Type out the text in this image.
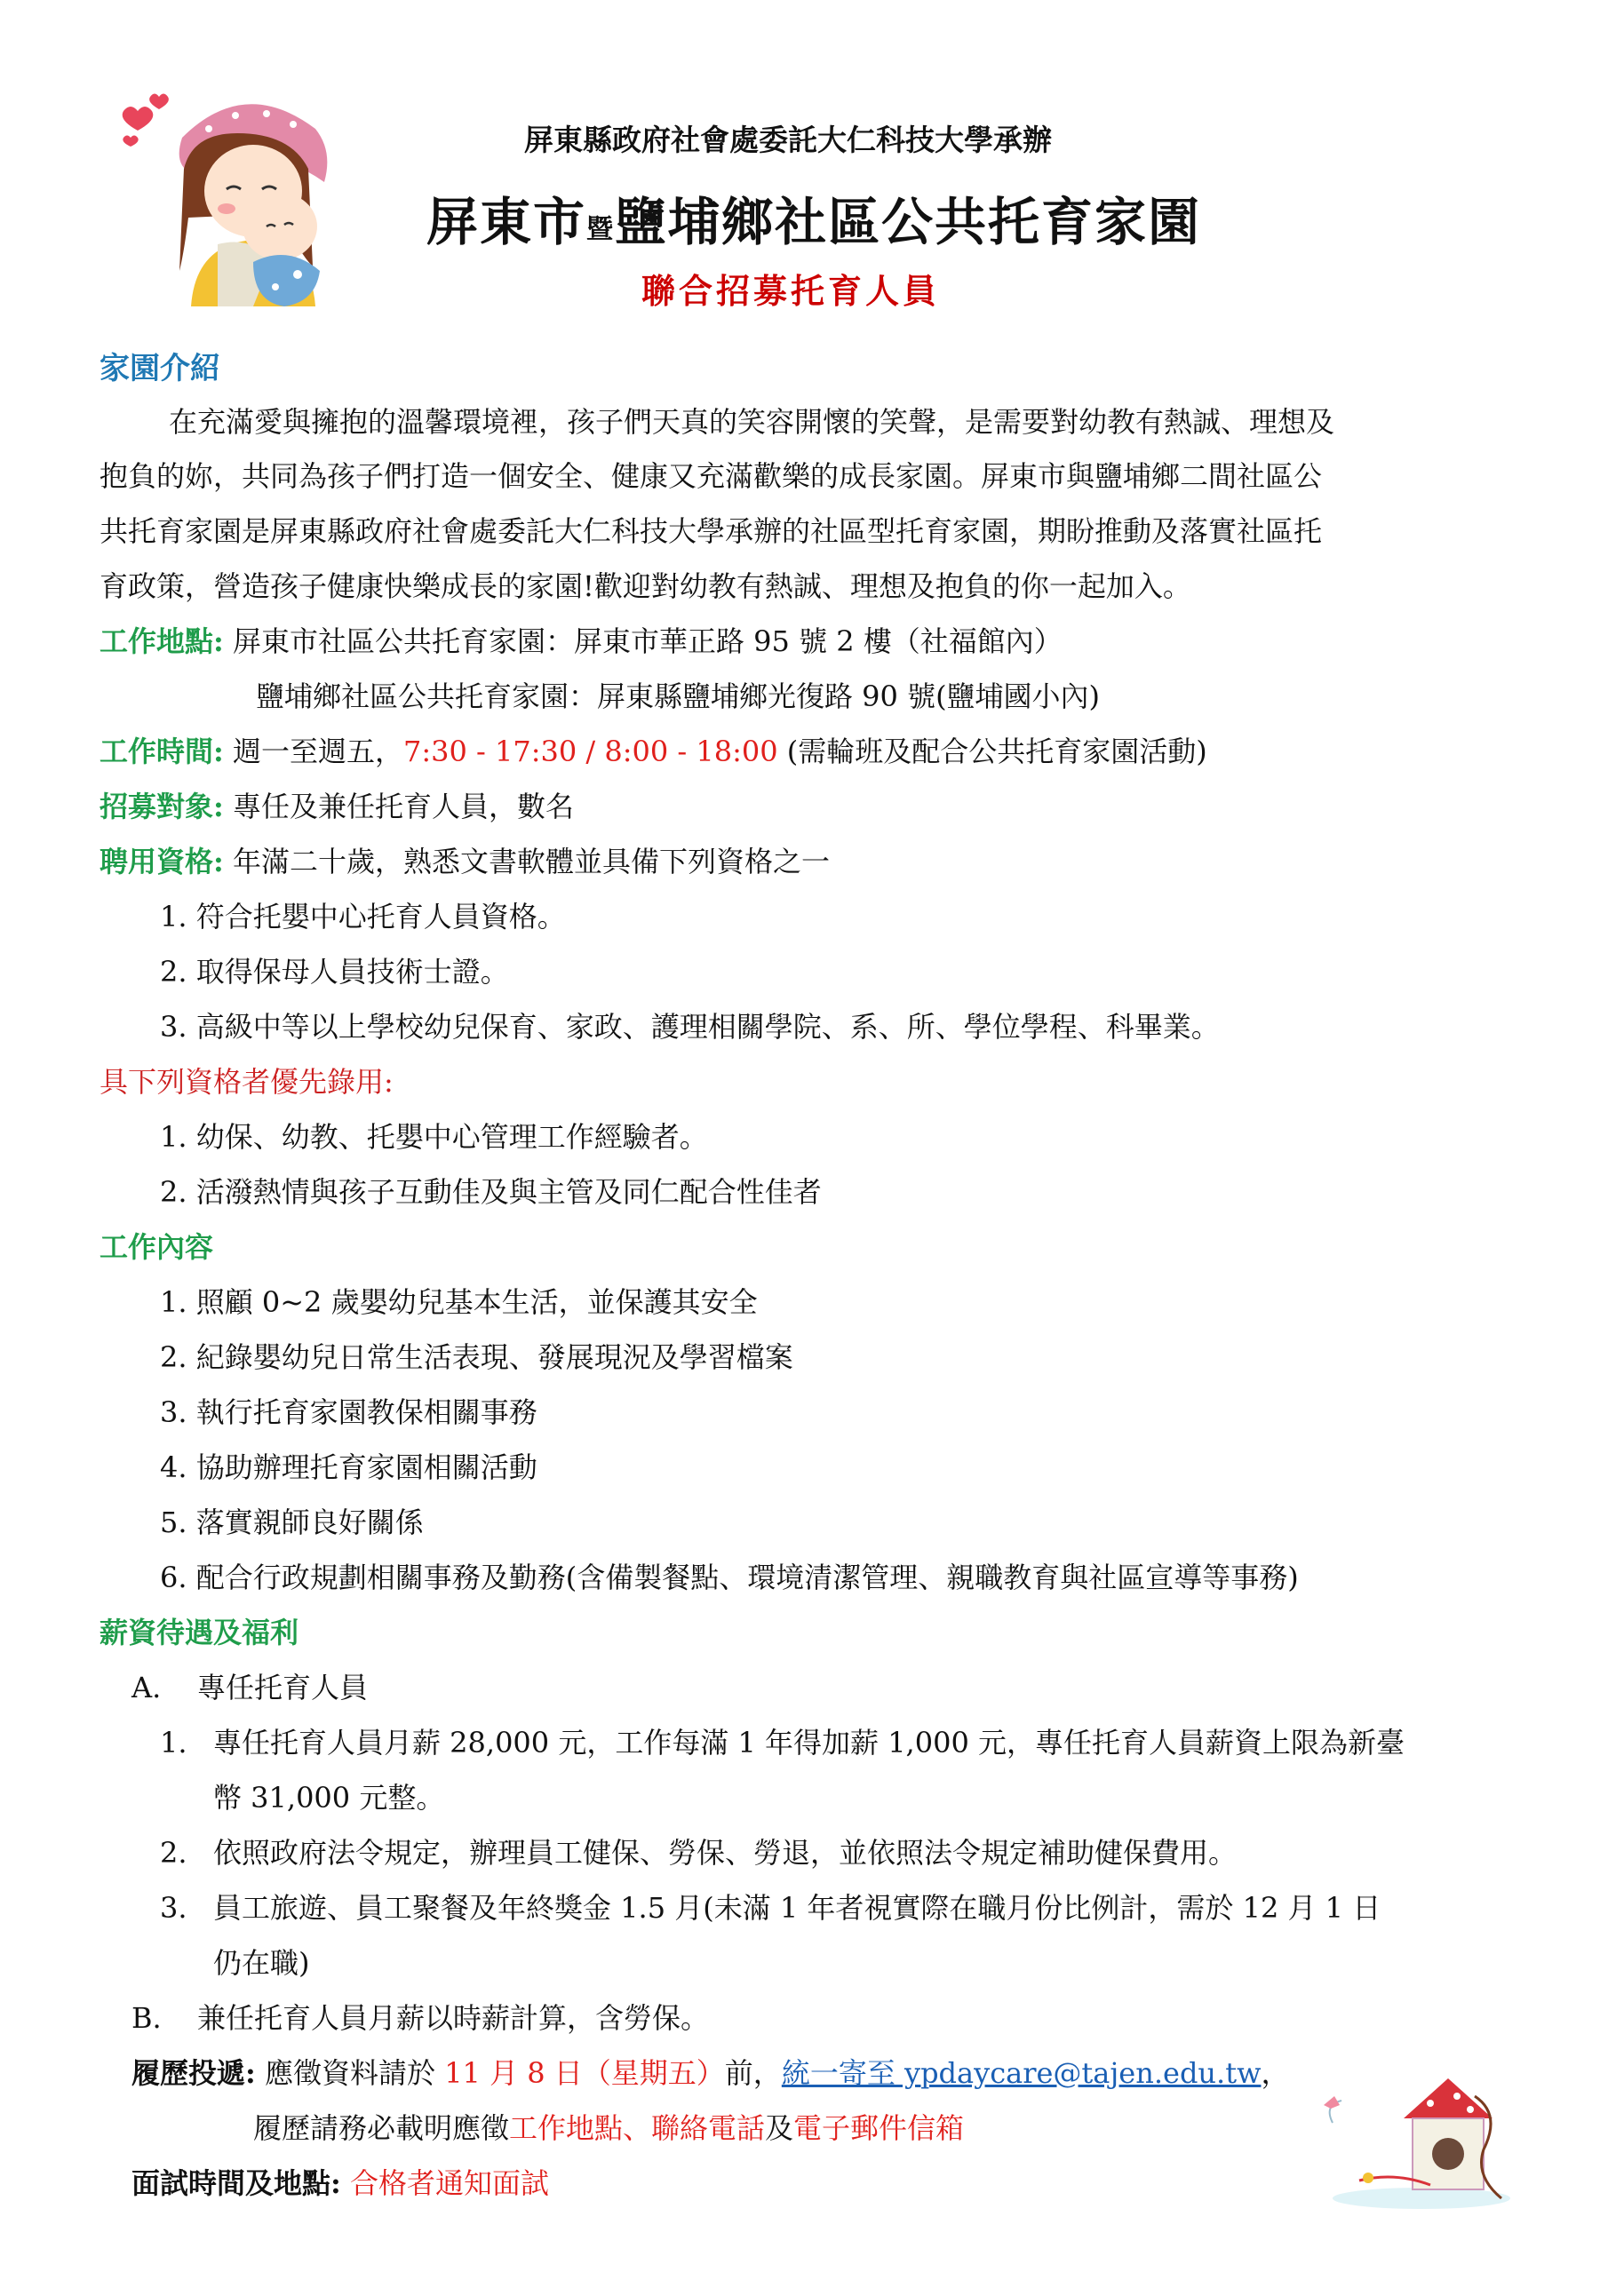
屏東縣政府社會處委託大仁科技大學承辦
屏東市暨鹽埔鄉社區公共托育家園
聯合招募托育人員
家園介紹
在充滿愛與擁抱的溫馨環境裡，孩子們天真的笑容開懷的笑聲，是需要對幼教有熱誠、理想及
抱負的妳，共同為孩子們打造一個安全、健康又充滿歡樂的成長家園。屏東市與鹽埔鄉二間社區公
共托育家園是屏東縣政府社會處委託大仁科技大學承辦的社區型托育家園，期盼推動及落實社區托
育政策，營造孩子健康快樂成長的家園!歡迎對幼教有熱誠、理想及抱負的你一起加入。
工作地點: 屏東市社區公共托育家園：屏東市華正路 95 號 2 樓（社福館內）
鹽埔鄉社區公共托育家園：屏東縣鹽埔鄉光復路 90 號(鹽埔國小內)
工作時間: 週一至週五，7:30 - 17:30 / 8:00 - 18:00 (需輪班及配合公共托育家園活動)
招募對象: 專任及兼任托育人員，數名
聘用資格: 年滿二十歲，熟悉文書軟體並具備下列資格之一
1. 符合托嬰中心托育人員資格。
2. 取得保母人員技術士證。
3. 高級中等以上學校幼兒保育、家政、護理相關學院、系、所、學位學程、科畢業。
具下列資格者優先錄用:
1. 幼保、幼教、托嬰中心管理工作經驗者。
2. 活潑熱情與孩子互動佳及與主管及同仁配合性佳者
工作內容
1. 照顧 0~2 歲嬰幼兒基本生活，並保護其安全
2. 紀錄嬰幼兒日常生活表現、發展現況及學習檔案
3. 執行托育家園教保相關事務
4. 協助辦理托育家園相關活動
5. 落實親師良好關係
6. 配合行政規劃相關事務及勤務(含備製餐點、環境清潔管理、親職教育與社區宣導等事務)
薪資待遇及福利
A. 專任托育人員
1. 專任托育人員月薪 28,000 元，工作每滿 1 年得加薪 1,000 元，專任托育人員薪資上限為新臺
幣 31,000 元整。
2. 依照政府法令規定，辦理員工健保、勞保、勞退，並依照法令規定補助健保費用。
3. 員工旅遊、員工聚餐及年終獎金 1.5 月(未滿 1 年者視實際在職月份比例計，需於 12 月 1 日
仍在職)
B. 兼任托育人員月薪以時薪計算，含勞保。
履歷投遞: 應徵資料請於 11 月 8 日（星期五）前，統一寄至 ypdaycare@tajen.edu.tw，
履歷請務必載明應徵工作地點、聯絡電話及電子郵件信箱
面試時間及地點: 合格者通知面試
